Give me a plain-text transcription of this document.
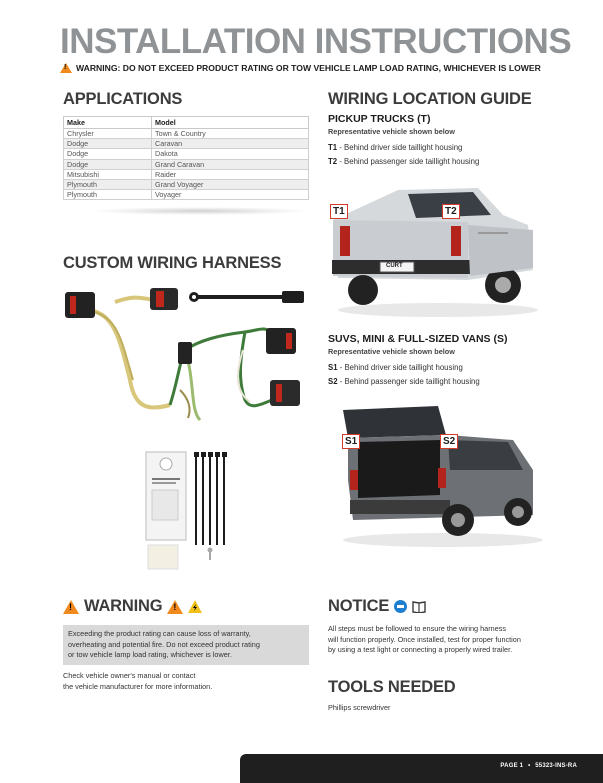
INSTALLATION INSTRUCTIONS
!
WARNING: DO NOT EXCEED PRODUCT RATING OR TOW VEHICLE LAMP LOAD RATING, WHICHEVER IS LOWER
APPLICATIONS
Make	Model
Chrysler	Town & Country
Dodge	Caravan
Dodge	Dakota
Dodge	Grand Caravan
Mitsubishi	Raider
Plymouth	Grand Voyager
Plymouth	Voyager
CUSTOM WIRING HARNESS
WIRING LOCATION GUIDE
PICKUP TRUCKS (T)
Representative vehicle shown below
T1 - Behind driver side taillight housing
T2 - Behind passenger side taillight housing
T1	T2
CURT
SUVS, MINI & FULL-SIZED VANS (S)
Representative vehicle shown below
S1 - Behind driver side taillight housing
S2 - Behind passenger side taillight housing
S1	S2
!
WARNING
!
Exceeding the product rating can cause loss of warranty,
overheating and potential fire. Do not exceed product rating
or tow vehicle lamp load rating, whichever is lower.
Check vehicle owner's manual or contact
the vehicle manufacturer for more information.
NOTICE
All steps must be followed to ensure the wiring harness
will function properly. Once installed, test for proper function
by using a test light or connecting a properly wired trailer.
TOOLS NEEDED
Phillips screwdriver
PAGE 1 • 55323-INS-RA
